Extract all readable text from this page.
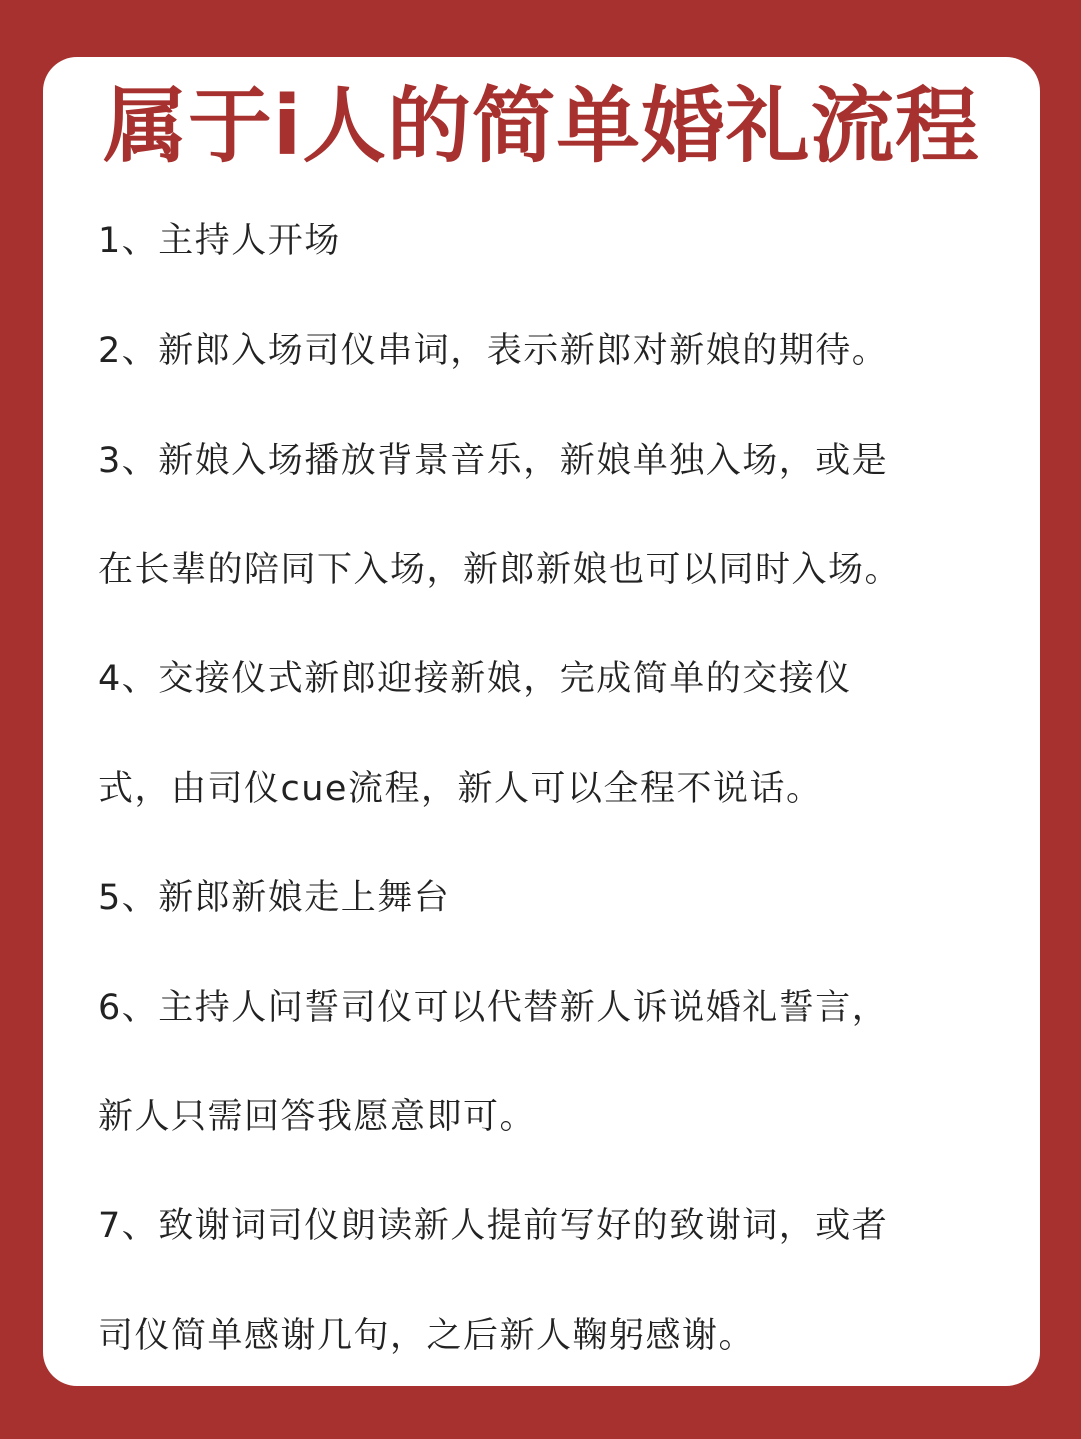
属于i人的简单婚礼流程

1、主持人开场

2、新郎入场司仪串词，表示新郎对新娘的期待。

3、新娘入场播放背景音乐，新娘单独入场，或是

在长辈的陪同下入场，新郎新娘也可以同时入场。

4、交接仪式新郎迎接新娘，完成简单的交接仪

式，由司仪cue流程，新人可以全程不说话。

5、新郎新娘走上舞台

6、主持人问誓司仪可以代替新人诉说婚礼誓言，

新人只需回答我愿意即可。

7、致谢词司仪朗读新人提前写好的致谢词，或者

司仪简单感谢几句，之后新人鞠躬感谢。
